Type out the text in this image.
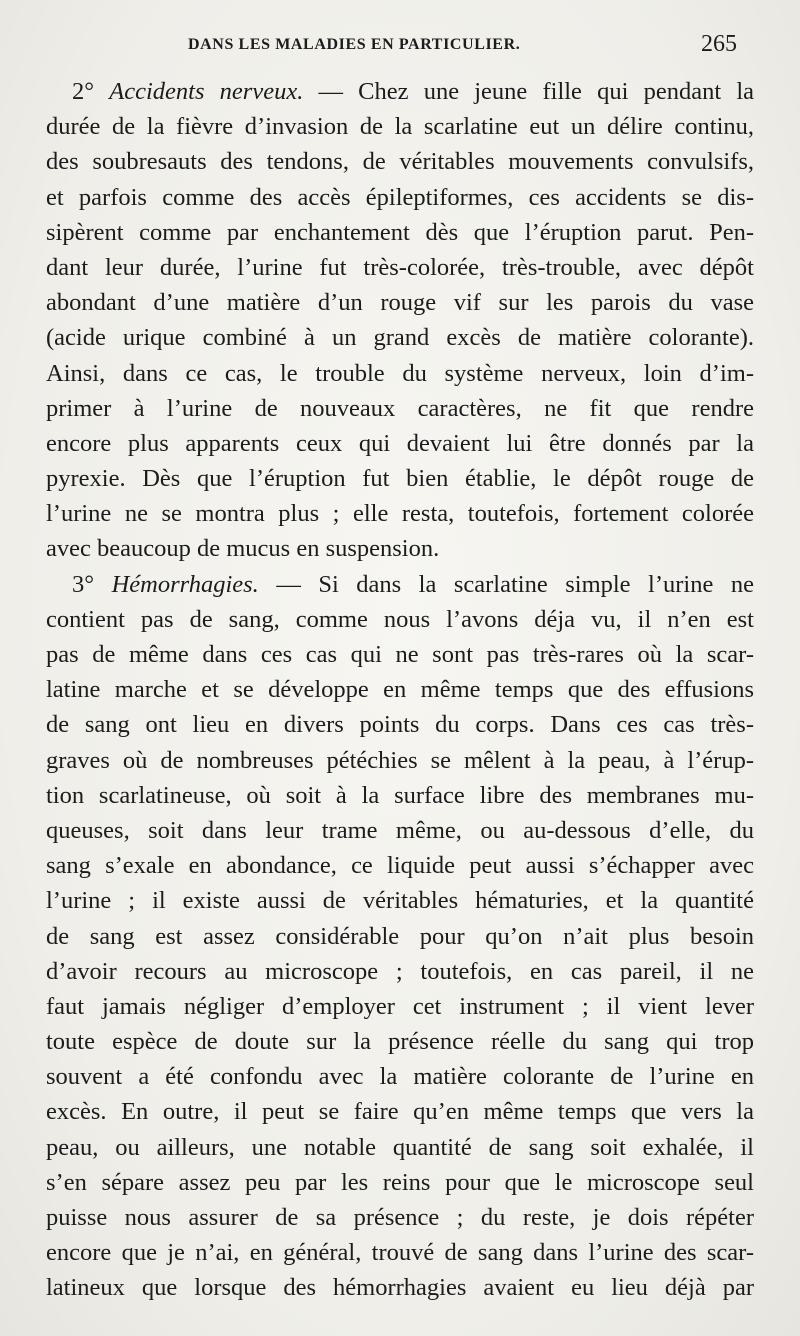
DANS LES MALADIES EN PARTICULIER.	265
2° Accidents nerveux. — Chez une jeune fille qui pendant la
durée de la fièvre d’invasion de la scarlatine eut un délire continu,
des soubresauts des tendons, de véritables mouvements convulsifs,
et parfois comme des accès épileptiformes, ces accidents se dis-
sipèrent comme par enchantement dès que l’éruption parut. Pen-
dant leur durée, l’urine fut très-colorée, très-trouble, avec dépôt
abondant d’une matière d’un rouge vif sur les parois du vase
(acide urique combiné à un grand excès de matière colorante).
Ainsi, dans ce cas, le trouble du système nerveux, loin d’im-
primer à l’urine de nouveaux caractères, ne fit que rendre
encore plus apparents ceux qui devaient lui être donnés par la
pyrexie. Dès que l’éruption fut bien établie, le dépôt rouge de
l’urine ne se montra plus ; elle resta, toutefois, fortement colorée
avec beaucoup de mucus en suspension.
3° Hémorrhagies. — Si dans la scarlatine simple l’urine ne
contient pas de sang, comme nous l’avons déja vu, il n’en est
pas de même dans ces cas qui ne sont pas très-rares où la scar-
latine marche et se développe en même temps que des effusions
de sang ont lieu en divers points du corps. Dans ces cas très-
graves où de nombreuses pétéchies se mêlent à la peau, à l’érup-
tion scarlatineuse, où soit à la surface libre des membranes mu-
queuses, soit dans leur trame même, ou au-dessous d’elle, du
sang s’exale en abondance, ce liquide peut aussi s’échapper avec
l’urine ; il existe aussi de véritables hématuries, et la quantité
de sang est assez considérable pour qu’on n’ait plus besoin
d’avoir recours au microscope ; toutefois, en cas pareil, il ne
faut jamais négliger d’employer cet instrument ; il vient lever
toute espèce de doute sur la présence réelle du sang qui trop
souvent a été confondu avec la matière colorante de l’urine en
excès. En outre, il peut se faire qu’en même temps que vers la
peau, ou ailleurs, une notable quantité de sang soit exhalée, il
s’en sépare assez peu par les reins pour que le microscope seul
puisse nous assurer de sa présence ; du reste, je dois répéter
encore que je n’ai, en général, trouvé de sang dans l’urine des scar-
latineux que lorsque des hémorrhagies avaient eu lieu déjà par
